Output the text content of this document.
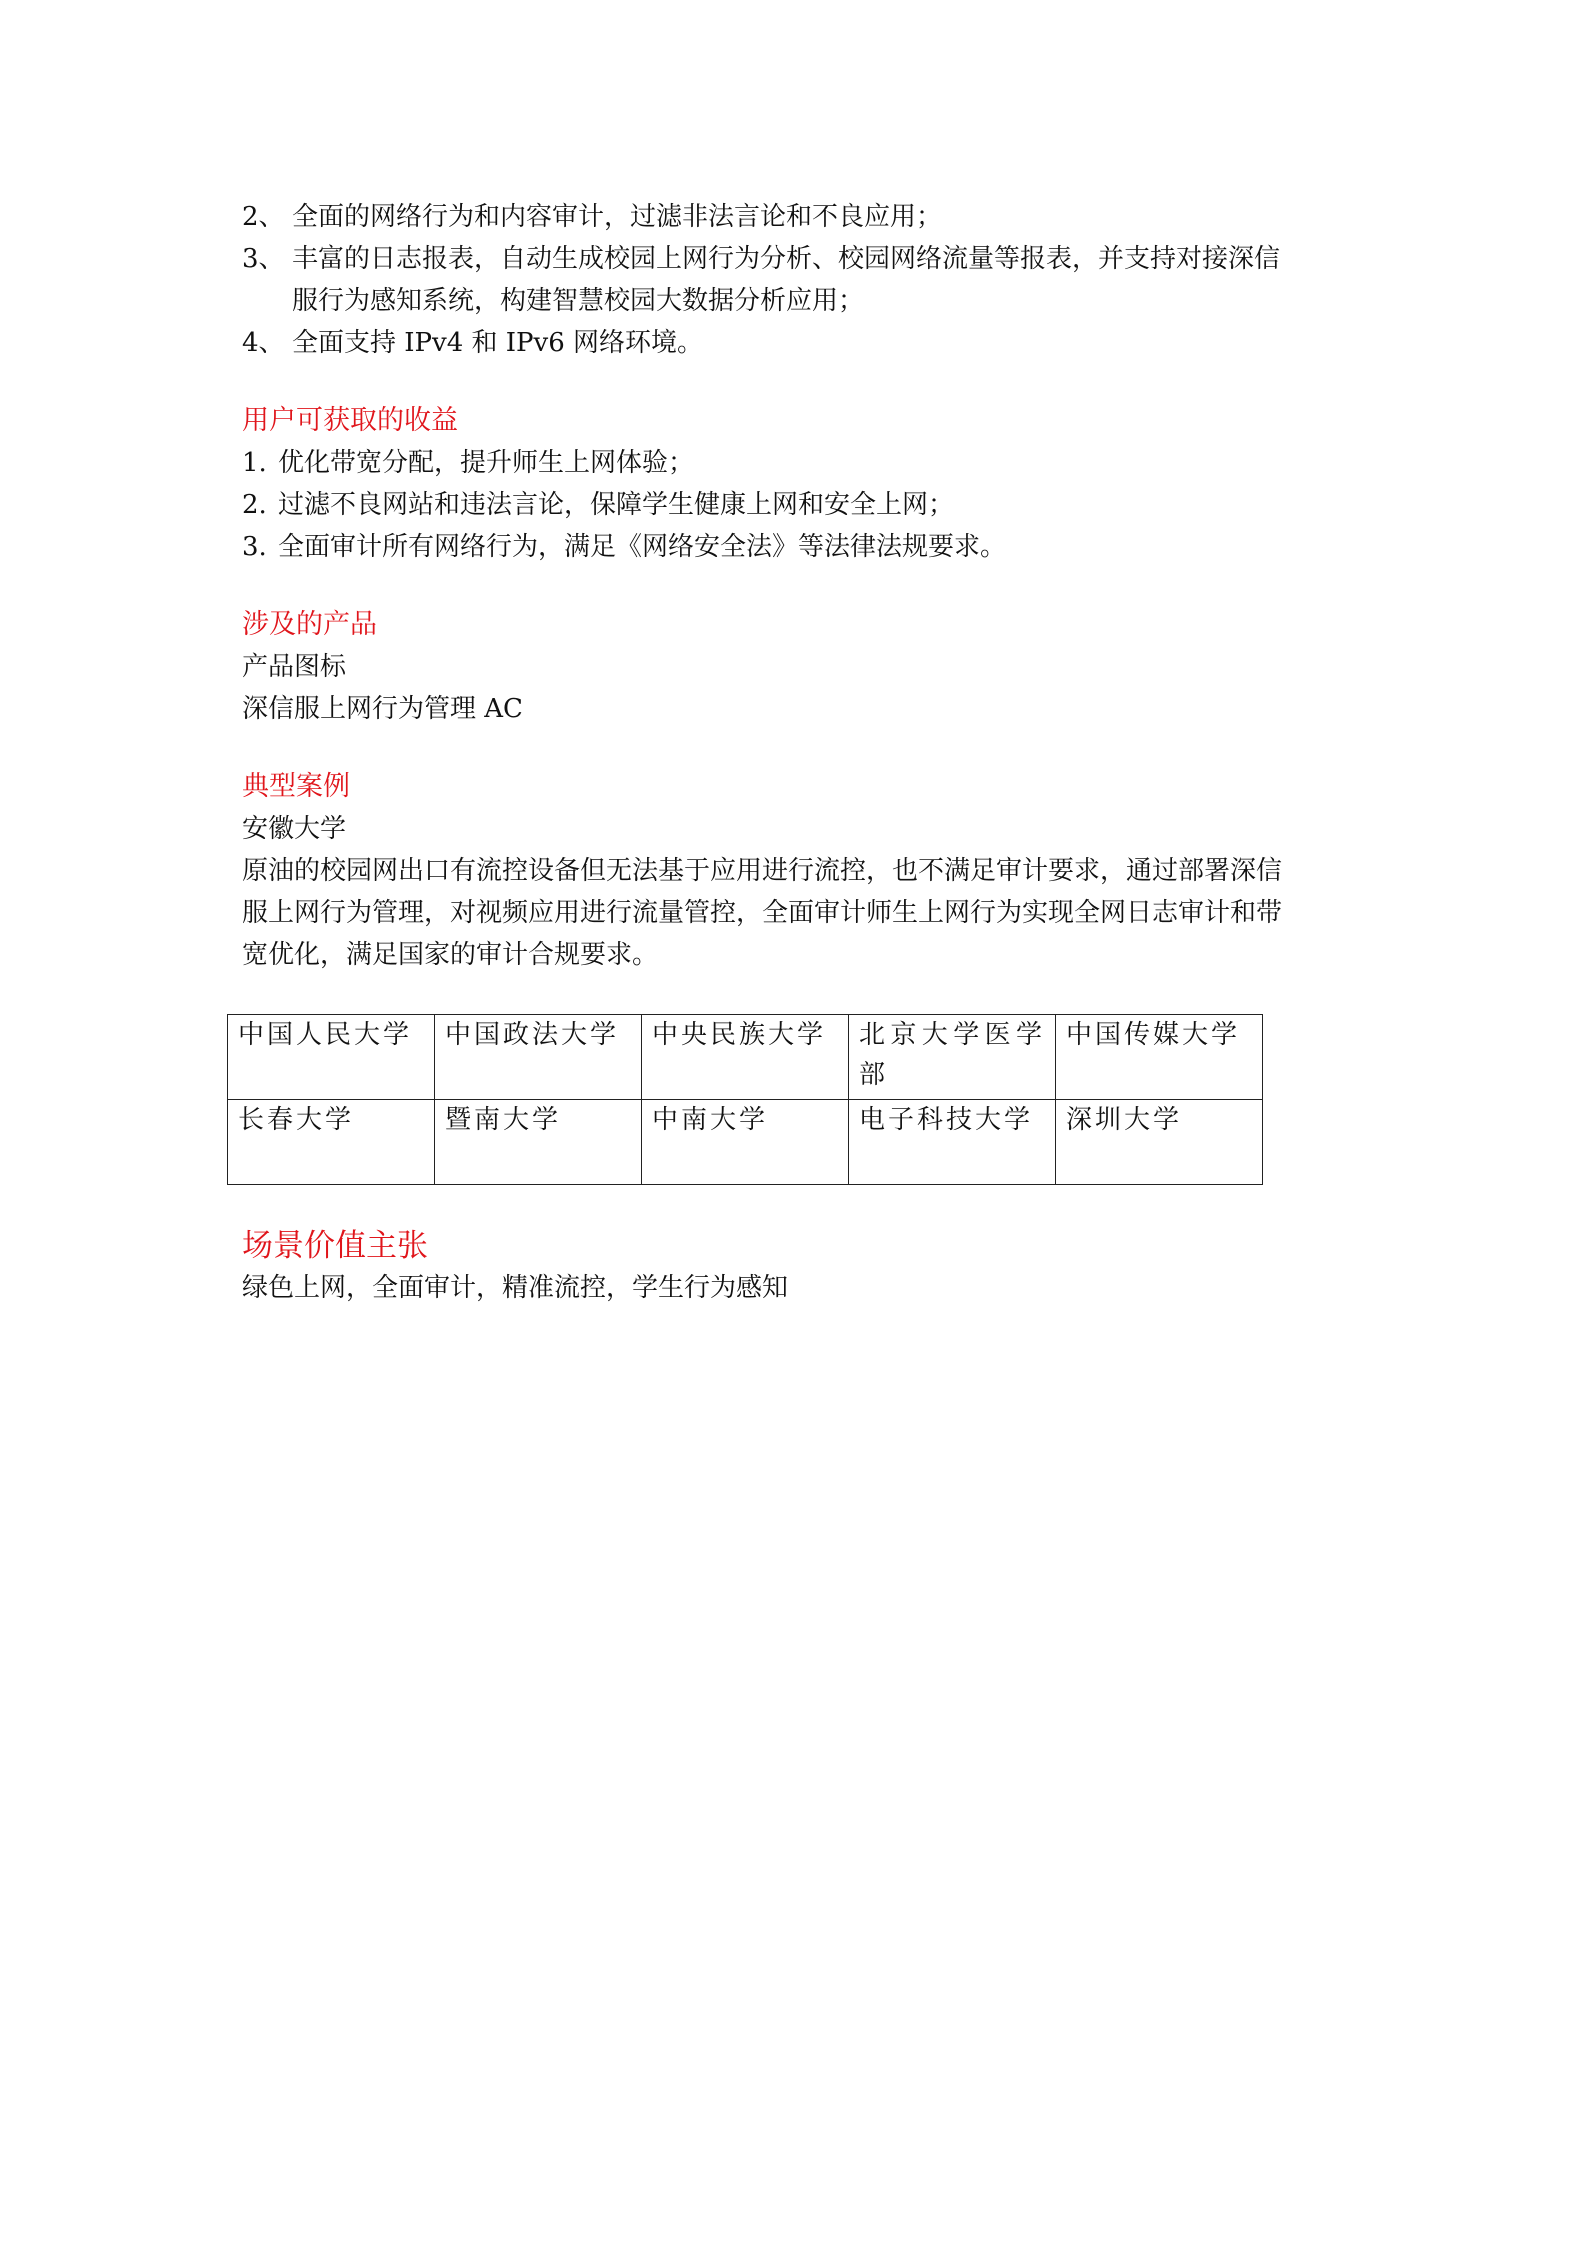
2、 全面的网络行为和内容审计，过滤非法言论和不良应用；
3、 丰富的日志报表，自动生成校园上网行为分析、校园网络流量等报表，并支持对接深信
服行为感知系统，构建智慧校园大数据分析应用；
4、 全面支持 IPv4 和 IPv6 网络环境。
用户可获取的收益
1. 优化带宽分配，提升师生上网体验；
2. 过滤不良网站和违法言论，保障学生健康上网和安全上网；
3. 全面审计所有网络行为，满足《网络安全法》等法律法规要求。
涉及的产品
产品图标
深信服上网行为管理 AC
典型案例
安徽大学
原油的校园网出口有流控设备但无法基于应用进行流控，也不满足审计要求，通过部署深信
服上网行为管理，对视频应用进行流量管控，全面审计师生上网行为实现全网日志审计和带
宽优化，满足国家的审计合规要求。
中国人民大学	中国政法大学	中央民族大学	北京大学医学部	中国传媒大学
长春大学	暨南大学	中南大学	电子科技大学	深圳大学
场景价值主张
绿色上网，全面审计，精准流控，学生行为感知
